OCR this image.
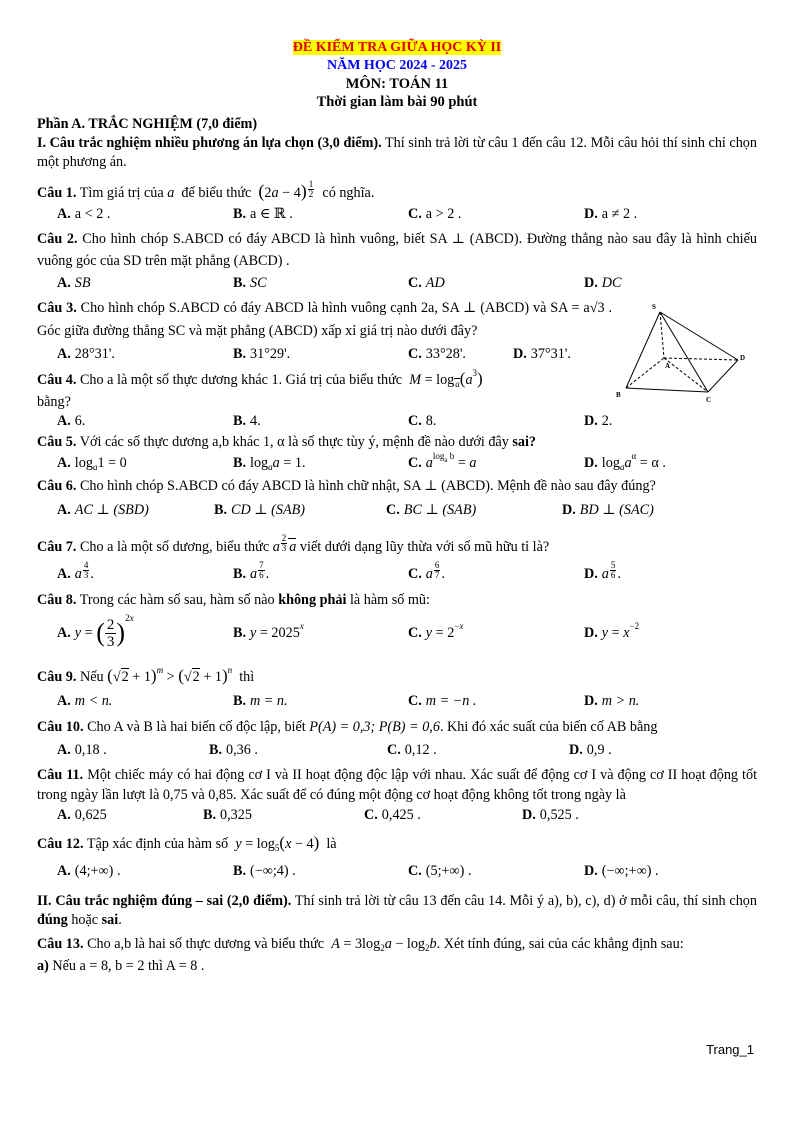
ĐỀ KIỂM TRA GIỮA HỌC KỲ II
NĂM HỌC 2024 - 2025
MÔN: TOÁN 11
Thời gian làm bài 90 phút
Phần A. TRẮC NGHIỆM (7,0 điểm)

I. Câu trắc nghiệm nhiều phương án lựa chọn (3,0 điểm). Thí sinh trả lời từ câu 1 đến câu 12. Mỗi câu hỏi thí sinh chỉ chọn một phương án.

Câu 1. Tìm giá trị của a để biểu thức $(2a - 4) \frac{1}{2}$ có nghĩa.
A. a < 2 .	B. a ∈ ℝ .	C. a > 2 .	D. a ≠ 2 .
Câu 2. Cho hình chóp S.ABCD có đáy ABCD là hình vuông, biết SA ⊥ (ABCD). Đường thẳng nào sau đây là hình chiếu vuông góc của SD trên mặt phẳng (ABCD) .
A. SB	B. SC	C. AD	D. DC
Câu 3. Cho hình chóp S.ABCD có đáy ABCD là hình vuông cạnh 2a, SA ⊥ (ABCD) và SA = a√3 . Góc giữa đường thẳng SC và mặt phẳng (ABCD) xấp xỉ giá trị nào dưới đây?
A. 28°31'.	B. 31°29'.	C. 33°28'.	D. 37°31'.
Câu 4. Cho a là một số thực dương khác 1. Giá trị của biểu thức $M = \log_a(a^3)$
bằng?
A. 6.	B. 4.	C. 8.	D. 2.
Câu 5. Với các số thực dương a,b khác 1, α là số thực tùy ý, mệnh đề nào dưới đây sai?
A. $\log_a1 = 0$	B. $\log_aa = 1$.	C. $a^{log_a b} = a$	D. $\log_aa^\alpha = \alpha$ .
Câu 6. Cho hình chóp S.ABCD có đáy ABCD là hình chữ nhật, SA ⊥ (ABCD). Mệnh đề nào sau đây đúng?
A. AC ⊥ (SBD)	B. CD ⊥ (SAB)	C. BC ⊥ (SAB)	D. BD ⊥ (SAC)
Câu 7. Cho a là một số dương, biểu thức a $\frac{2}{3}$ a viết dưới dạng lũy thừa với số mũ hữu tỉ là?
A. a $\frac{4}{3}$ .	B. a $\frac{7}{6}$ .	C. a $\frac{6}{7}$ .	D. a $\frac{5}{6}$ .
Câu 8. Trong các hàm số sau, hàm số nào không phải là hàm số mũ:
A. y = ( $\frac{2}{3} )^{2x}$
B. $y = 2025^x$	C. $y = 2^{-x}$	D. $y = x^{-2}$
Câu 9. Nếu $(√2 + 1)^m > (√2 + 1)^n$ thì
A. m < n.	B. m = n.	C. m = −n .	D. m > n.
Câu 10. Cho A và B là hai biến cố độc lập, biết P(A) = 0,3; P(B) = 0,6. Khi đó xác suất của biến cố AB bằng
A. 0,18 .	B. 0,36 .	C. 0,12 .	D. 0,9 .
Câu 11. Một chiếc máy có hai động cơ I và II hoạt động độc lập với nhau. Xác suất để động cơ I và động cơ II hoạt động tốt trong ngày lần lượt là 0,75 và 0,85. Xác suất để có đúng một động cơ hoạt động không tốt trong ngày là
A. 0,625	B. 0,325	C. 0,425 .	D. 0,525 .
Câu 12. Tập xác định của hàm số $y = \log_5(x - 4)$ là
A. (4;+∞) .	B. (−∞;4) .	C. (5;+∞) .	D. (−∞;+∞) .

II. Câu trắc nghiệm đúng – sai (2,0 điểm). Thí sinh trả lời từ câu 13 đến câu 14. Mỗi ý a), b), c), d) ở mỗi câu, thí sinh chọn đúng hoặc sai.

Câu 13. Cho a,b là hai số thực dương và biểu thức $A = 3\log_2a - \log_2b$. Xét tính đúng, sai của các khẳng định sau:
a) Nếu a = 8, b = 2 thì A = 8 .
S
A
D
B
C
Trang_1
